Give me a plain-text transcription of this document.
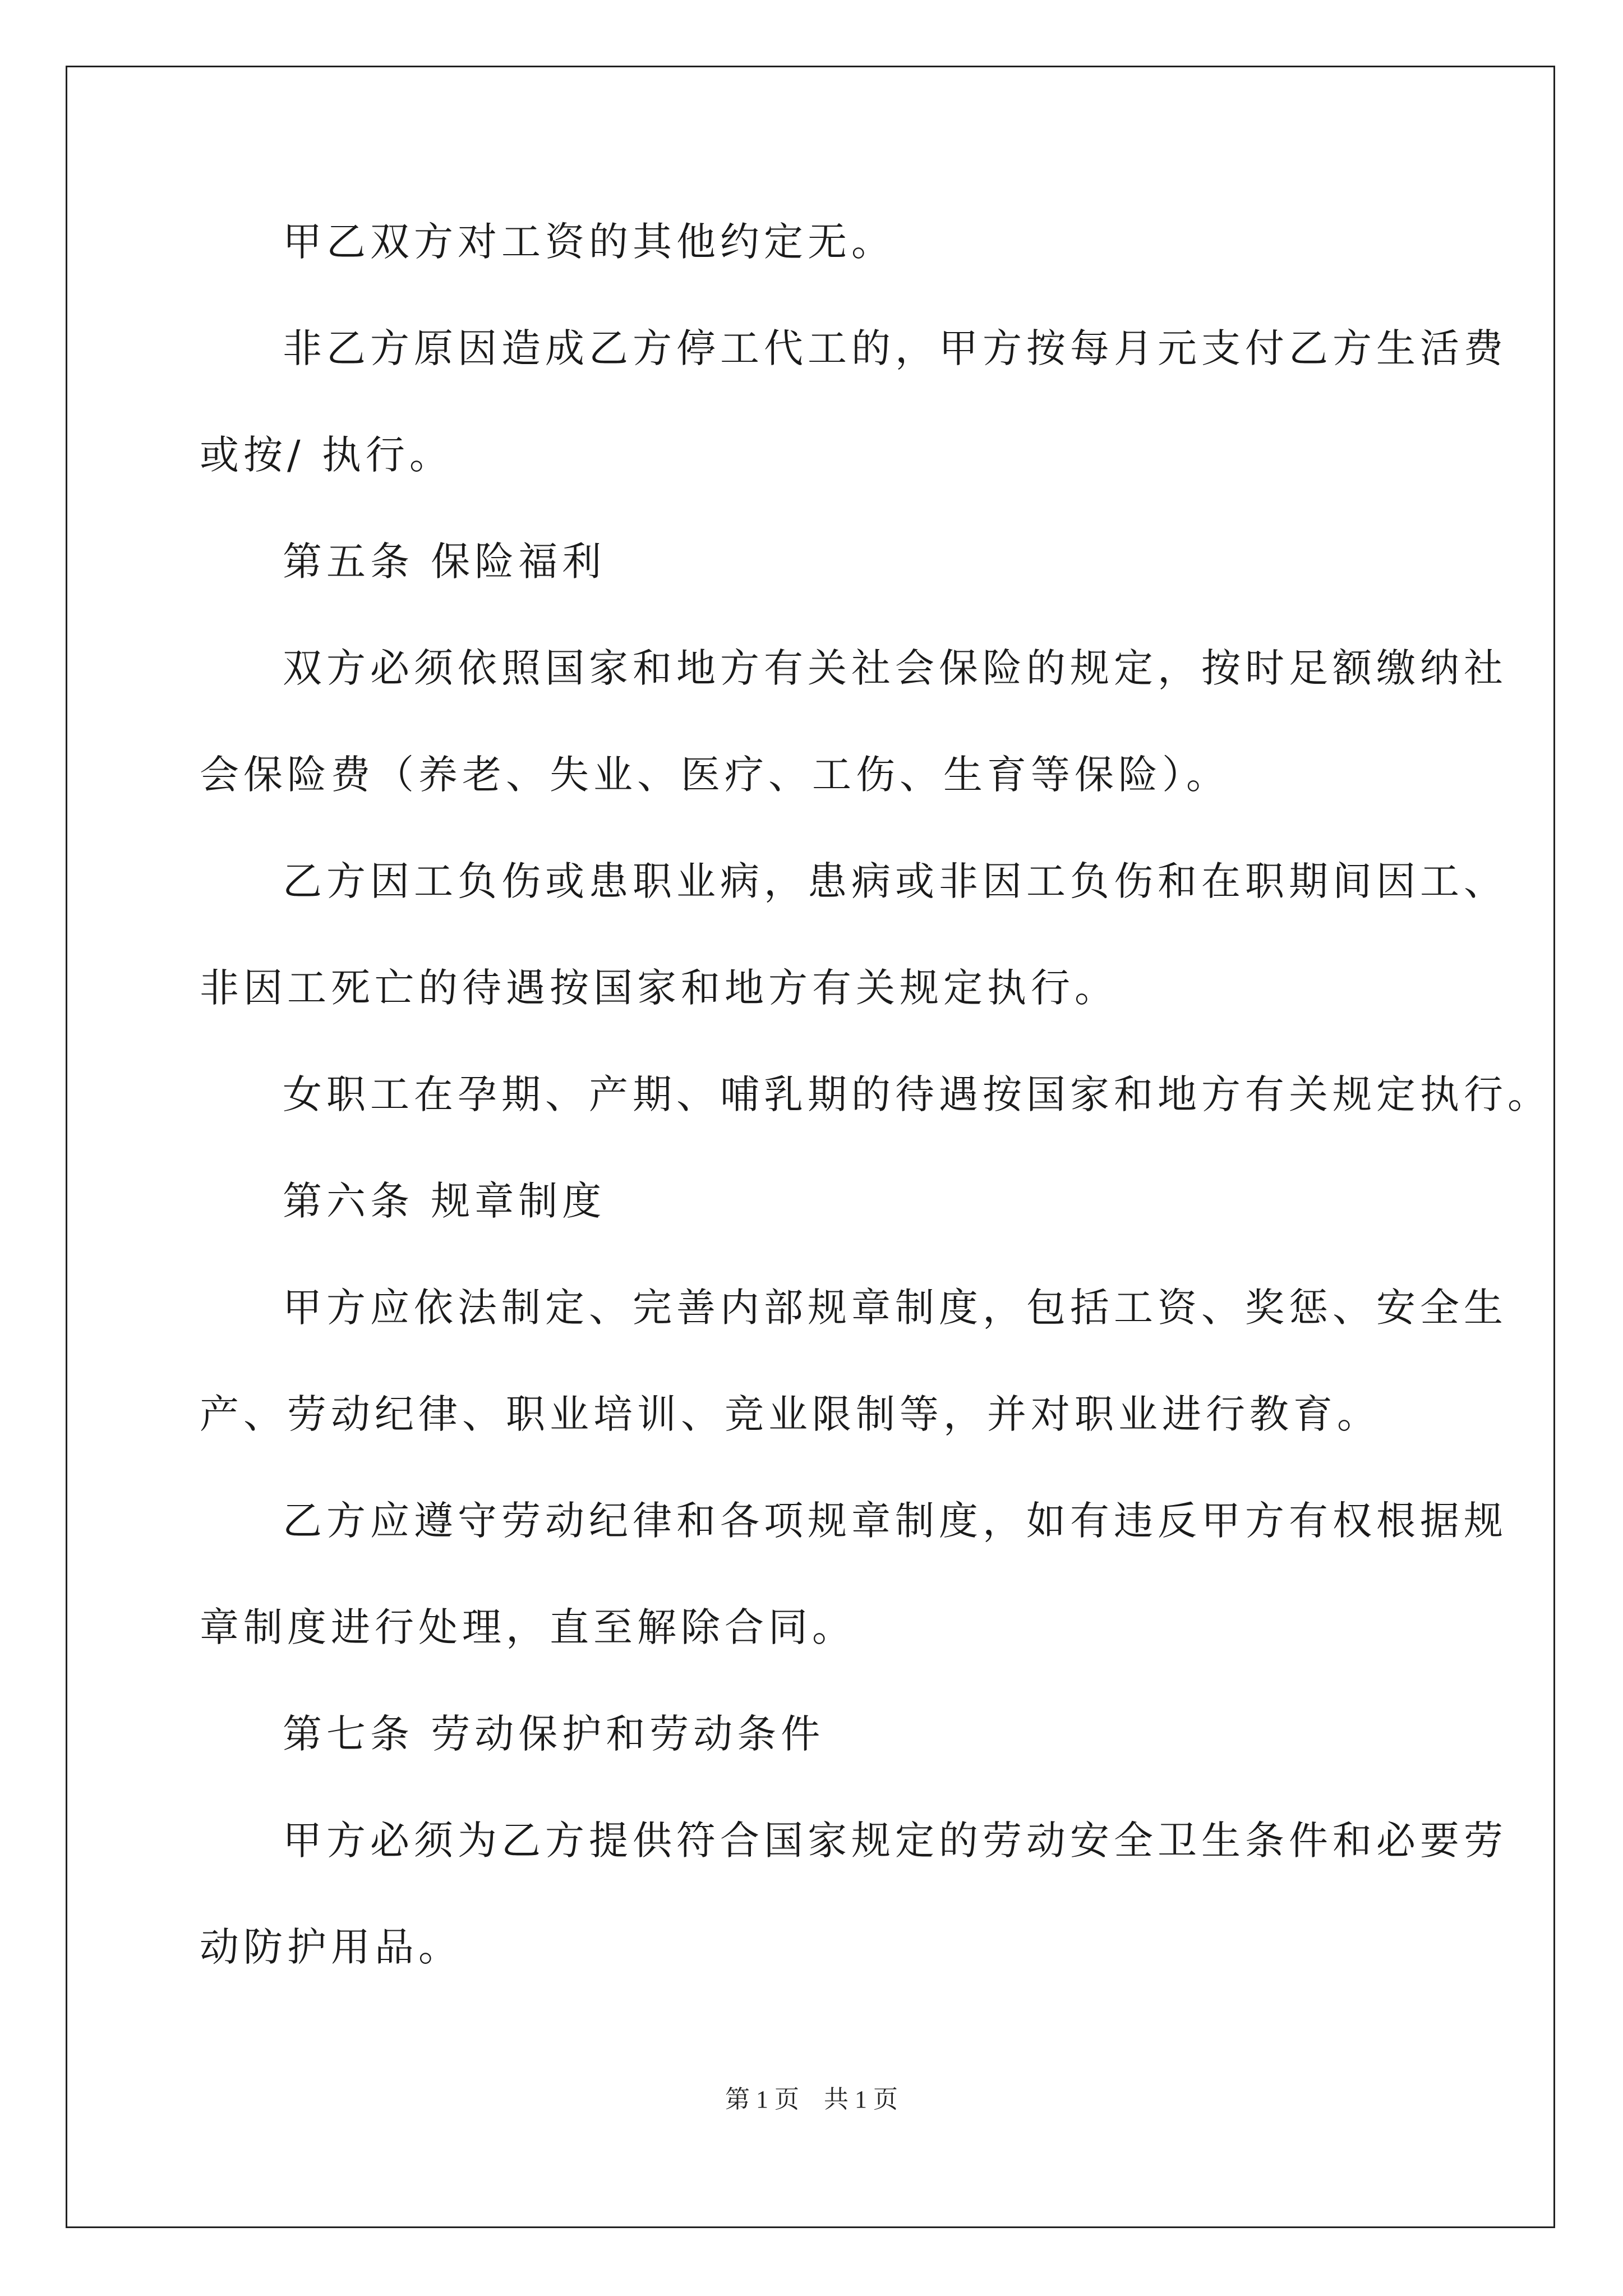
甲乙双方对工资的其他约定无。
非乙方原因造成乙方停工代工的，甲方按每月元支付乙方生活费
或按/ 执行。
第五条 保险福利
双方必须依照国家和地方有关社会保险的规定，按时足额缴纳社
会保险费（养老、失业、医疗、工伤、生育等保险）。
乙方因工负伤或患职业病，患病或非因工负伤和在职期间因工、
非因工死亡的待遇按国家和地方有关规定执行。
女职工在孕期、产期、哺乳期的待遇按国家和地方有关规定执行。
第六条 规章制度
甲方应依法制定、完善内部规章制度，包括工资、奖惩、安全生
产、劳动纪律、职业培训、竞业限制等，并对职业进行教育。
乙方应遵守劳动纪律和各项规章制度，如有违反甲方有权根据规
章制度进行处理，直至解除合同。
第七条 劳动保护和劳动条件
甲方必须为乙方提供符合国家规定的劳动安全卫生条件和必要劳
动防护用品。
第 1 页　共 1 页
